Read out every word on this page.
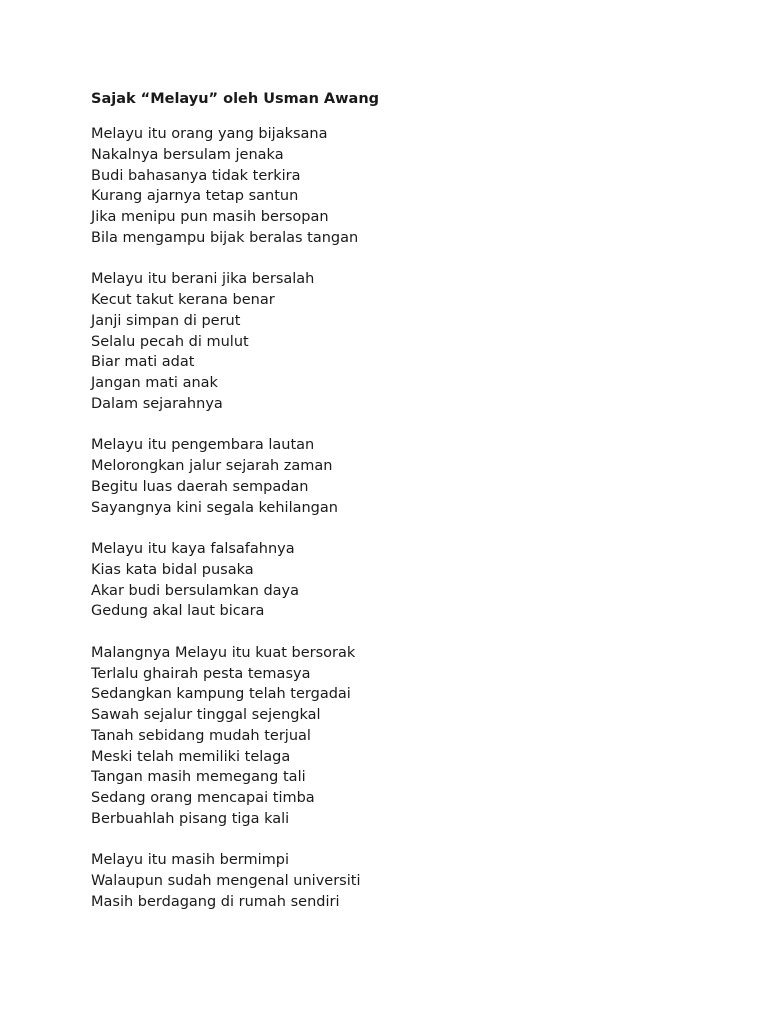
Sajak “Melayu” oleh Usman Awang
Melayu itu orang yang bijaksana
Nakalnya bersulam jenaka
Budi bahasanya tidak terkira
Kurang ajarnya tetap santun
Jika menipu pun masih bersopan
Bila mengampu bijak beralas tangan
Melayu itu berani jika bersalah
Kecut takut kerana benar
Janji simpan di perut
Selalu pecah di mulut
Biar mati adat
Jangan mati anak
Dalam sejarahnya
Melayu itu pengembara lautan
Melorongkan jalur sejarah zaman
Begitu luas daerah sempadan
Sayangnya kini segala kehilangan
Melayu itu kaya falsafahnya
Kias kata bidal pusaka
Akar budi bersulamkan daya
Gedung akal laut bicara
Malangnya Melayu itu kuat bersorak
Terlalu ghairah pesta temasya
Sedangkan kampung telah tergadai
Sawah sejalur tinggal sejengkal
Tanah sebidang mudah terjual
Meski telah memiliki telaga
Tangan masih memegang tali
Sedang orang mencapai timba
Berbuahlah pisang tiga kali
Melayu itu masih bermimpi
Walaupun sudah mengenal universiti
Masih berdagang di rumah sendiri
